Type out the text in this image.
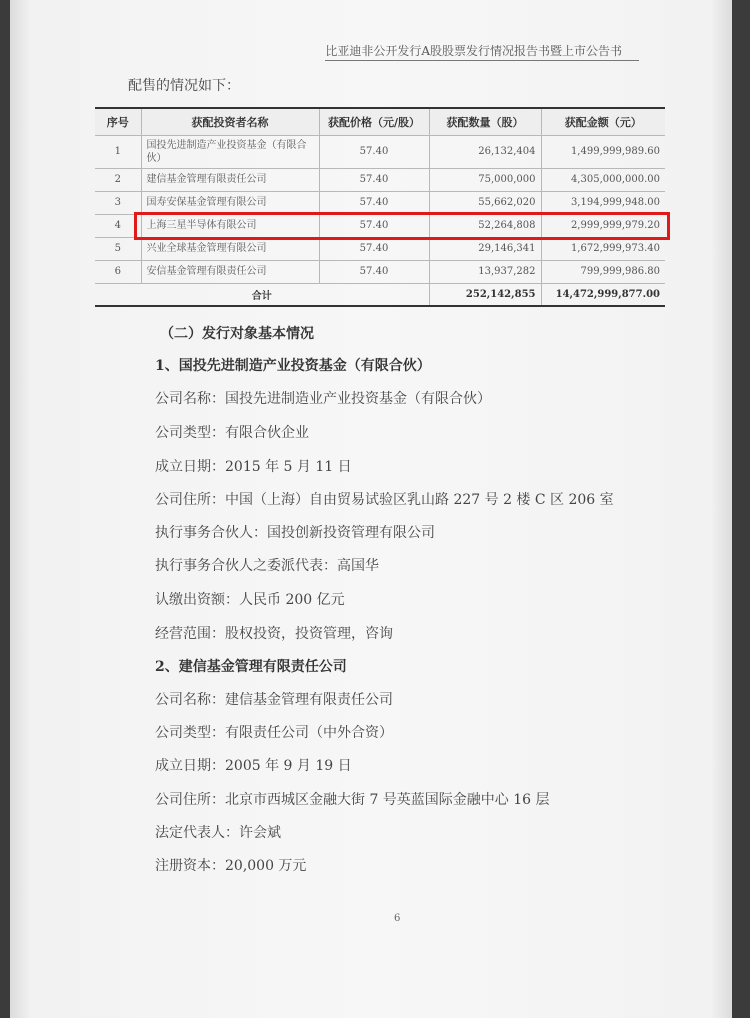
比亚迪非公开发行A股股票发行情况报告书暨上市公告书
配售的情况如下：
序号	获配投资者名称	获配价格（元/股）	获配数量（股）	获配金额（元）
1	国投先进制造产业投资基金（有限合伙）	57.40	26,132,404	1,499,999,989.60
2	建信基金管理有限责任公司	57.40	75,000,000	4,305,000,000.00
3	国寿安保基金管理有限公司	57.40	55,662,020	3,194,999,948.00
4	上海三星半导体有限公司	57.40	52,264,808	2,999,999,979.20
5	兴业全球基金管理有限公司	57.40	29,146,341	1,672,999,973.40
6	安信基金管理有限责任公司	57.40	13,937,282	799,999,986.80
合计			252,142,855	14,472,999,877.00
（二）发行对象基本情况
1、国投先进制造产业投资基金（有限合伙）
公司名称：国投先进制造业产业投资基金（有限合伙）
公司类型：有限合伙企业
成立日期：2015 年 5 月 11 日
公司住所：中国（上海）自由贸易试验区乳山路 227 号 2 楼 C 区 206 室
执行事务合伙人：国投创新投资管理有限公司
执行事务合伙人之委派代表：高国华
认缴出资额：人民币 200 亿元
经营范围：股权投资，投资管理，咨询
2、建信基金管理有限责任公司
公司名称：建信基金管理有限责任公司
公司类型：有限责任公司（中外合资）
成立日期：2005 年 9 月 19 日
公司住所：北京市西城区金融大街 7 号英蓝国际金融中心 16 层
法定代表人：许会斌
注册资本：20,000 万元
6
